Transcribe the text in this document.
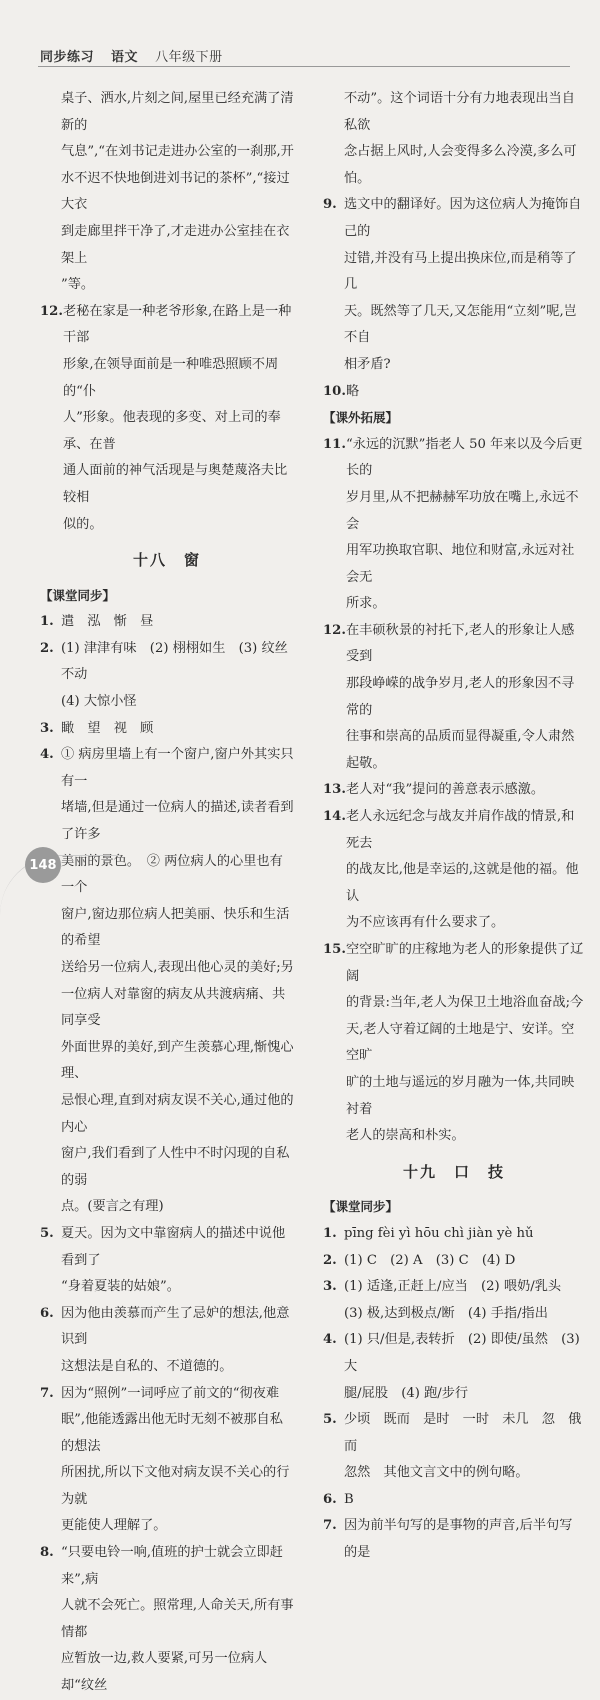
同步练习 语文 八年级下册
桌子、洒水,片刻之间,屋里已经充满了清新的
气息”,“在刘书记走进办公室的一刹那,开
水不迟不快地倒进刘书记的茶杯”,“接过大衣
到走廊里拌干净了,才走进办公室挂在衣架上
”等。
12. 老秘在家是一种老爷形象,在路上是一种干部
形象,在领导面前是一种唯恐照顾不周的“仆
人”形象。他表现的多变、对上司的奉承、在普
通人面前的神气活现是与奥楚蔑洛夫比较相
似的。
十八　窗
【课堂同步】
1. 遣　泓　惭　昼
2. (1) 津津有味　(2) 栩栩如生　(3) 纹丝不动
(4) 大惊小怪
3. 瞰　望　视　顾
4. ① 病房里墙上有一个窗户,窗户外其实只有一
堵墙,但是通过一位病人的描述,读者看到了许多
美丽的景色。　② 两位病人的心里也有一个
窗户,窗边那位病人把美丽、快乐和生活的希望
送给另一位病人,表现出他心灵的美好;另
一位病人对靠窗的病友从共渡病痛、共同享受
外面世界的美好,到产生羡慕心理,惭愧心理、
忌恨心理,直到对病友误不关心,通过他的内心
窗户,我们看到了人性中不时闪现的自私的弱
点。(要言之有理)
5. 夏天。因为文中靠窗病人的描述中说他看到了
“身着夏装的姑娘”。
6. 因为他由羡慕而产生了忌妒的想法,他意识到
这想法是自私的、不道德的。
7. 因为“照例”一词呼应了前文的“彻夜难
眠”,他能透露出他无时无刻不被那自私的想法
所困扰,所以下文他对病友误不关心的行为就
更能使人理解了。
8. “只要电铃一响,值班的护士就会立即赶来”,病
人就不会死亡。照常理,人命关天,所有事情都
应暂放一边,救人要紧,可另一位病人却“纹丝
不动”。这个词语十分有力地表现出当自私欲
念占据上风时,人会变得多么冷漠,多么可怕。
9. 选文中的翻译好。因为这位病人为掩饰自己的
过错,并没有马上提出换床位,而是稍等了几
天。既然等了几天,又怎能用“立刻”呢,岂不自
相矛盾?
10. 略
【课外拓展】
11. “永远的沉默”指老人 50 年来以及今后更长的
岁月里,从不把赫赫军功放在嘴上,永远不会
用军功换取官职、地位和财富,永远对社会无
所求。
12. 在丰硕秋景的衬托下,老人的形象让人感受到
那段峥嵘的战争岁月,老人的形象因不寻常的
往事和崇高的品质而显得凝重,令人肃然
起敬。
13. 老人对“我”提问的善意表示感激。
14. 老人永远纪念与战友并肩作战的情景,和死去
的战友比,他是幸运的,这就是他的福。他认
为不应该再有什么要求了。
15. 空空旷旷的庄稼地为老人的形象提供了辽阔
的背景:当年,老人为保卫土地浴血奋战;今
天,老人守着辽阔的土地是宁、安详。空空旷
旷的土地与遥远的岁月融为一体,共同映衬着
老人的崇高和朴实。
十九　口　技
【课堂同步】
1. pīng fèi yì hōu chì jiàn yè hǔ
2. (1) C　(2) A　(3) C　(4) D
3. (1) 适逢,正赶上/应当　(2) 喂奶/乳头
(3) 极,达到极点/断　(4) 手指/指出
4. (1) 只/但是,表转折　(2) 即使/虽然　(3) 大
腿/屁股　(4) 跑/步行
5. 少顷　既而　是时　一时　未几　忽　俄而
忽然　其他文言文中的例句略。
6. B
7. 因为前半句写的是事物的声音,后半句写的是
148
